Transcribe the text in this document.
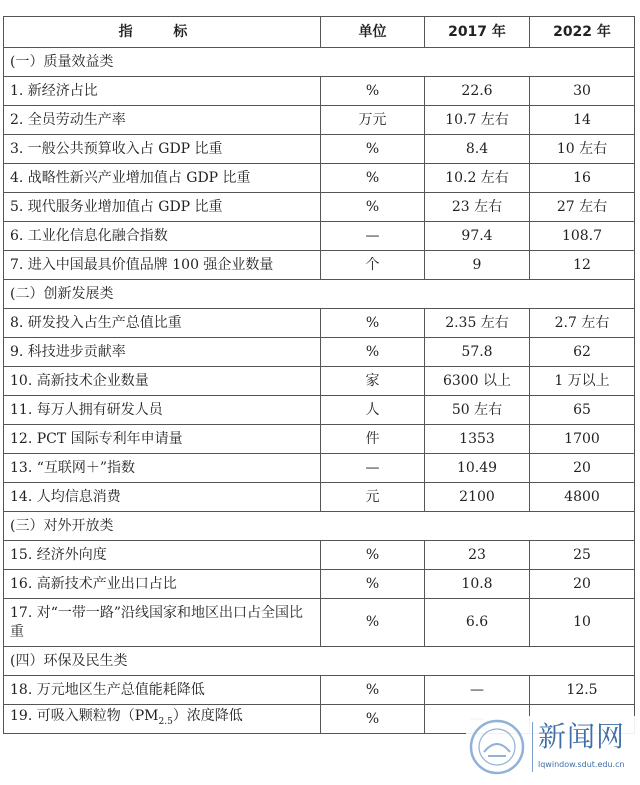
指 标	单位	2017 年	2022 年
(一）质量效益类			
1. 新经济占比	%	22.6	30
2. 全员劳动生产率	万元	10.7 左右	14
3. 一般公共预算收入占 GDP 比重	%	8.4	10 左右
4. 战略性新兴产业增加值占 GDP 比重	%	10.2 左右	16
5. 现代服务业增加值占 GDP 比重	%	23 左右	27 左右
6. 工业化信息化融合指数	—	97.4	108.7
7. 进入中国最具价值品牌 100 强企业数量	个	9	12
(二）创新发展类			
8. 研发投入占生产总值比重	%	2.35 左右	2.7 左右
9. 科技进步贡献率	%	57.8	62
10. 高新技术企业数量	家	6300 以上	1 万以上
11. 每万人拥有研发人员	人	50 左右	65
12. PCT 国际专利年申请量	件	1353	1700
13. “互联网＋”指数	—	10.49	20
14. 人均信息消费	元	2100	4800
(三）对外开放类			
15. 经济外向度	%	23	25
16. 高新技术产业出口占比	%	10.8	20
17. 对“一带一路”沿线国家和地区出口占全国比重	%	6.6	10
(四）环保及民生类			
18. 万元地区生产总值能耗降低	%	—	12.5
19. 可吸入颗粒物$(PM_{2.5})$浓度降低	%		
新闻网
lqwindow.sdut.edu.cn
